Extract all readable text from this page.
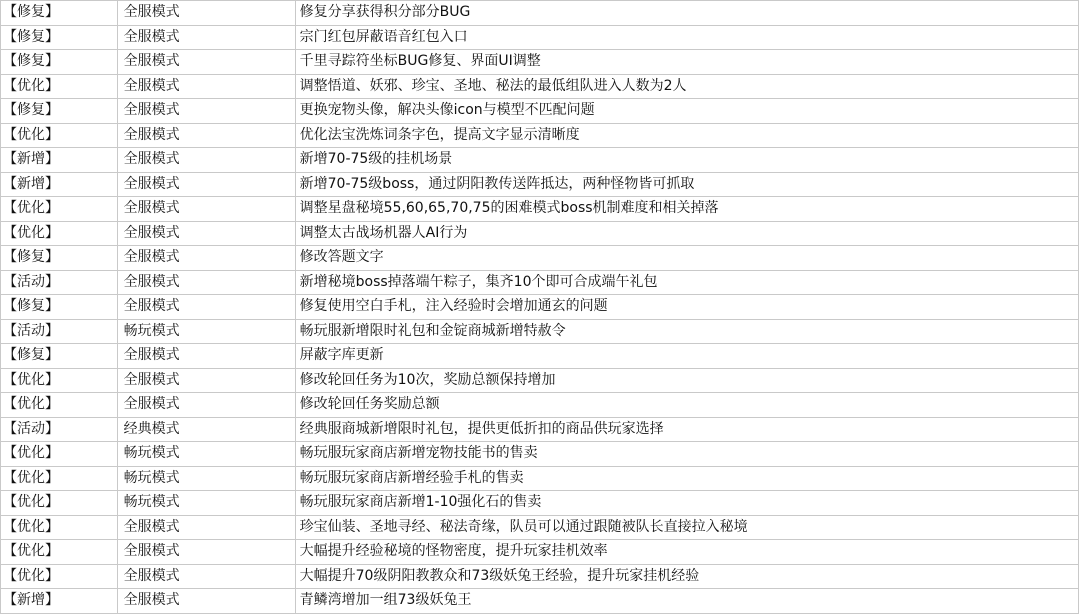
【修复】	全服模式	修复分享获得积分部分BUG
【修复】	全服模式	宗门红包屏蔽语音红包入口
【修复】	全服模式	千里寻踪符坐标BUG修复、界面UI调整
【优化】	全服模式	调整悟道、妖邪、珍宝、圣地、秘法的最低组队进入人数为2人
【修复】	全服模式	更换宠物头像，解决头像icon与模型不匹配问题
【优化】	全服模式	优化法宝洗炼词条字色，提高文字显示清晰度
【新增】	全服模式	新增70-75级的挂机场景
【新增】	全服模式	新增70-75级boss，通过阴阳教传送阵抵达，两种怪物皆可抓取
【优化】	全服模式	调整星盘秘境55,60,65,70,75的困难模式boss机制难度和相关掉落
【优化】	全服模式	调整太古战场机器人AI行为
【修复】	全服模式	修改答题文字
【活动】	全服模式	新增秘境boss掉落端午粽子，集齐10个即可合成端午礼包
【修复】	全服模式	修复使用空白手札，注入经验时会增加通玄的问题
【活动】	畅玩模式	畅玩服新增限时礼包和金锭商城新增特赦令
【修复】	全服模式	屏蔽字库更新
【优化】	全服模式	修改轮回任务为10次，奖励总额保持增加
【优化】	全服模式	修改轮回任务奖励总额
【活动】	经典模式	经典服商城新增限时礼包，提供更低折扣的商品供玩家选择
【优化】	畅玩模式	畅玩服玩家商店新增宠物技能书的售卖
【优化】	畅玩模式	畅玩服玩家商店新增经验手札的售卖
【优化】	畅玩模式	畅玩服玩家商店新增1-10强化石的售卖
【优化】	全服模式	珍宝仙装、圣地寻经、秘法奇缘，队员可以通过跟随被队长直接拉入秘境
【优化】	全服模式	大幅提升经验秘境的怪物密度，提升玩家挂机效率
【优化】	全服模式	大幅提升70级阴阳教教众和73级妖兔王经验，提升玩家挂机经验
【新增】	全服模式	青鳞湾增加一组73级妖兔王
